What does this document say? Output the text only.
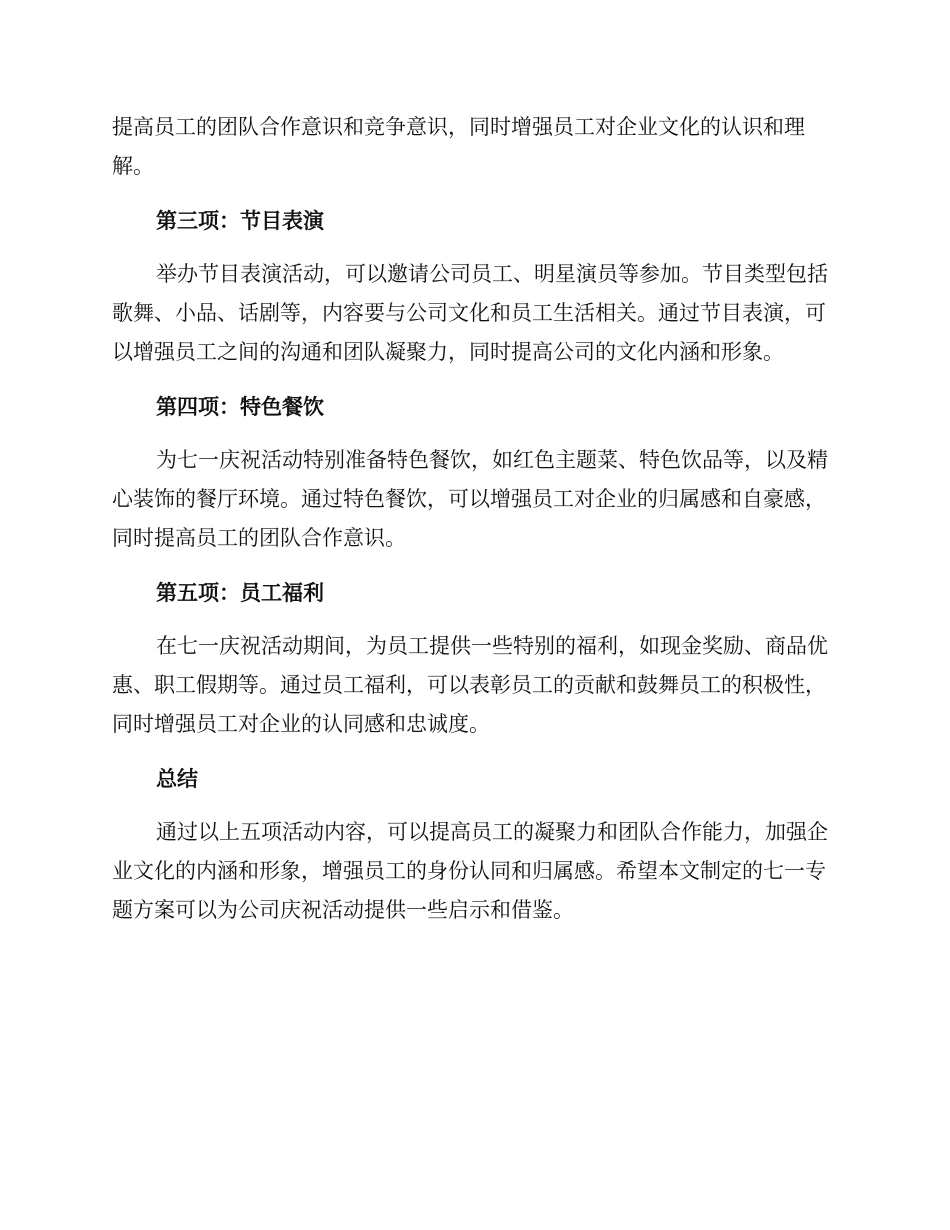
提高员工的团队合作意识和竞争意识，同时增强员工对企业文化的认识和理解。

第三项：节目表演

举办节目表演活动，可以邀请公司员工、明星演员等参加。节目类型包括歌舞、小品、话剧等，内容要与公司文化和员工生活相关。通过节目表演，可以增强员工之间的沟通和团队凝聚力，同时提高公司的文化内涵和形象。

第四项：特色餐饮

为七一庆祝活动特别准备特色餐饮，如红色主题菜、特色饮品等，以及精心装饰的餐厅环境。通过特色餐饮，可以增强员工对企业的归属感和自豪感，同时提高员工的团队合作意识。

第五项：员工福利

在七一庆祝活动期间，为员工提供一些特别的福利，如现金奖励、商品优惠、职工假期等。通过员工福利，可以表彰员工的贡献和鼓舞员工的积极性，同时增强员工对企业的认同感和忠诚度。

总结

通过以上五项活动内容，可以提高员工的凝聚力和团队合作能力，加强企业文化的内涵和形象，增强员工的身份认同和归属感。希望本文制定的七一专题方案可以为公司庆祝活动提供一些启示和借鉴。
